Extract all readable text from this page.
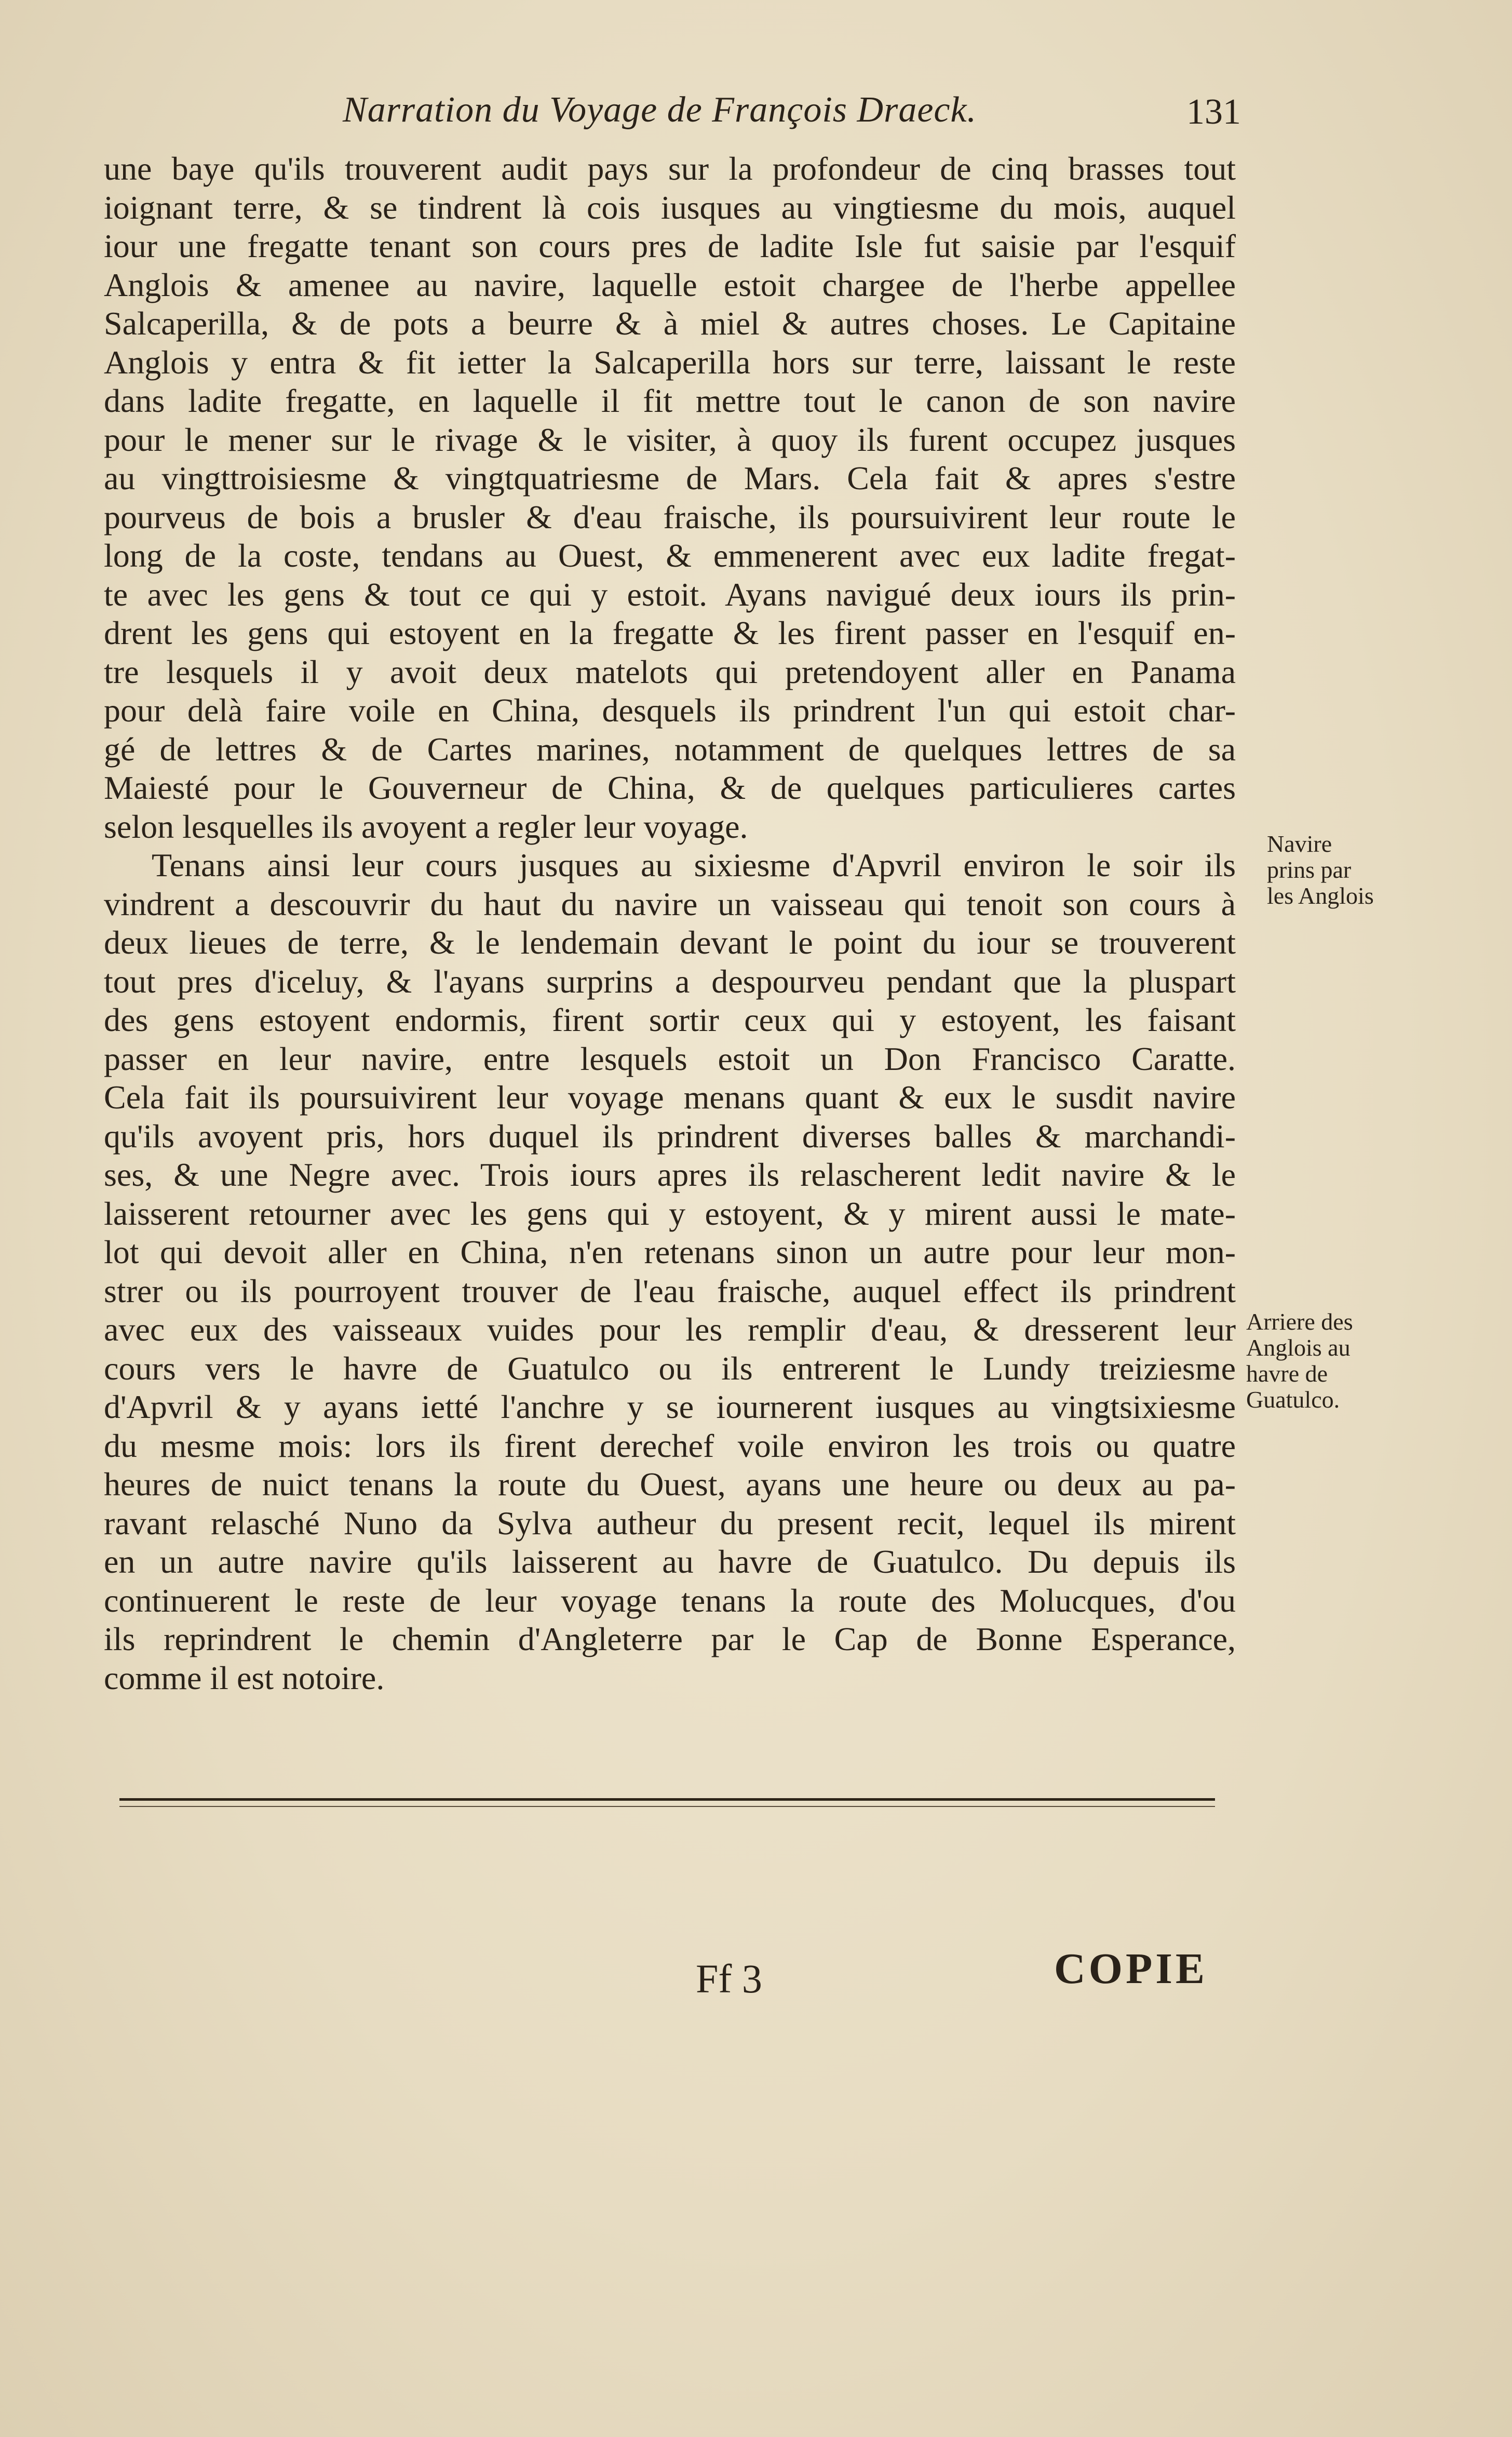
Narration du Voyage de François Draeck.	131
une baye qu'ils trouverent audit pays sur la profondeur de cinq brasses tout
ioignant terre, & se tindrent là cois iusques au vingtiesme du mois, auquel
iour une fregatte tenant son cours pres de ladite Isle fut saisie par l'esquif
Anglois & amenee au navire, laquelle estoit chargee de l'herbe appellee
Salcaperilla, & de pots a beurre & à miel & autres choses. Le Capitaine
Anglois y entra & fit ietter la Salcaperilla hors sur terre, laissant le reste
dans ladite fregatte, en laquelle il fit mettre tout le canon de son navire
pour le mener sur le rivage & le visiter, à quoy ils furent occupez jusques
au vingttroisiesme & vingtquatriesme de Mars. Cela fait & apres s'estre
pourveus de bois a brusler & d'eau fraische, ils poursuivirent leur route le
long de la coste, tendans au Ouest, & emmenerent avec eux ladite fregat-
te avec les gens & tout ce qui y estoit. Ayans navigué deux iours ils prin-
drent les gens qui estoyent en la fregatte & les firent passer en l'esquif en-
tre lesquels il y avoit deux matelots qui pretendoyent aller en Panama
pour delà faire voile en China, desquels ils prindrent l'un qui estoit char-
gé de lettres & de Cartes marines, notamment de quelques lettres de sa
Maiesté pour le Gouverneur de China, & de quelques particulieres cartes
selon lesquelles ils avoyent a regler leur voyage.
Tenans ainsi leur cours jusques au sixiesme d'Apvril environ le soir ils
vindrent a descouvrir du haut du navire un vaisseau qui tenoit son cours à
deux lieues de terre, & le lendemain devant le point du iour se trouverent
tout pres d'iceluy, & l'ayans surprins a despourveu pendant que la pluspart
des gens estoyent endormis, firent sortir ceux qui y estoyent, les faisant
passer en leur navire, entre lesquels estoit un Don Francisco Caratte.
Cela fait ils poursuivirent leur voyage menans quant & eux le susdit navire
qu'ils avoyent pris, hors duquel ils prindrent diverses balles & marchandi-
ses, & une Negre avec. Trois iours apres ils relascherent ledit navire & le
laisserent retourner avec les gens qui y estoyent, & y mirent aussi le mate-
lot qui devoit aller en China, n'en retenans sinon un autre pour leur mon-
strer ou ils pourroyent trouver de l'eau fraische, auquel effect ils prindrent
avec eux des vaisseaux vuides pour les remplir d'eau, & dresserent leur
cours vers le havre de Guatulco ou ils entrerent le Lundy treiziesme
d'Apvril & y ayans ietté l'anchre y se iournerent iusques au vingtsixiesme
du mesme mois: lors ils firent derechef voile environ les trois ou quatre
heures de nuict tenans la route du Ouest, ayans une heure ou deux au pa-
ravant relasché Nuno da Sylva autheur du present recit, lequel ils mirent
en un autre navire qu'ils laisserent au havre de Guatulco. Du depuis ils
continuerent le reste de leur voyage tenans la route des Molucques, d'ou
ils reprindrent le chemin d'Angleterre par le Cap de Bonne Esperance,
comme il est notoire.
Navire
prins par
les Anglois
Arriere des
Anglois au
havre de
Guatulco.
Ff 3	COPIE
